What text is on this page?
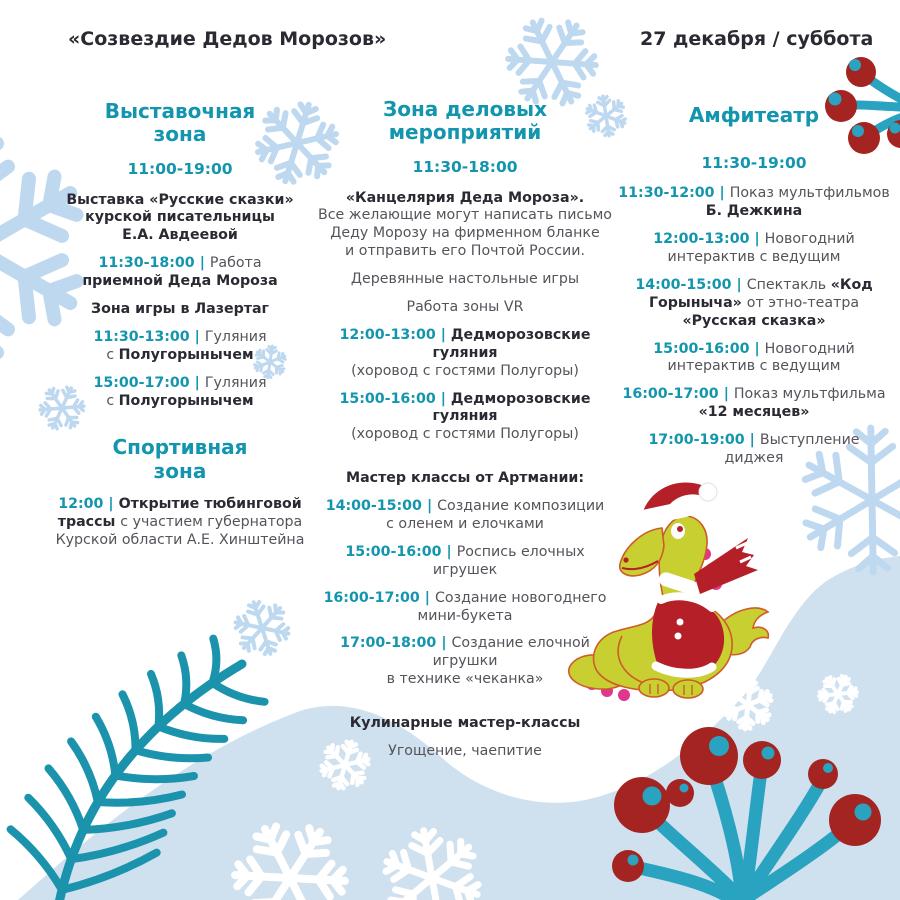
«Созвездие Дедов Морозов»	27 декабря / суббота
Выставочная
зона
11:00-19:00
Выставка «Русские сказки»
курской писательницы
Е.А. Авдеевой
11:30-18:00 | Работа
приемной Деда Мороза
Зона игры в Лазертаг
11:30-13:00 | Гуляния
с Полугорынычем
15:00-17:00 | Гуляния
с Полугорынычем
Спортивная
зона
12:00 | Открытие тюбинговой
трассы с участием губернатора
Курской области А.Е. Хинштейна
Зона деловых
мероприятий
11:30-18:00
«Канцелярия Деда Мороза».
Все желающие могут написать письмо
Деду Морозу на фирменном бланке
и отправить его Почтой России.
Деревянные настольные игры
Работа зоны VR
12:00-13:00 | Дедморозовские гуляния
(хоровод с гостями Полугоры)
15:00-16:00 | Дедморозовские гуляния
(хоровод с гостями Полугоры)
Мастер классы от Артмании:
14:00-15:00 | Создание композиции
с оленем и елочками
15:00-16:00 | Роспись елочных игрушек
16:00-17:00 | Создание новогоднего
мини-букета
17:00-18:00 | Создание елочной игрушки
в технике «чеканка»
Кулинарные мастер-классы
Угощение, чаепитие
Амфитеатр
11:30-19:00
11:30-12:00 | Показ мультфильмов
Б. Дежкина
12:00-13:00 | Новогодний
интерактив с ведущим
14:00-15:00 | Спектакль «Код
Горыныча» от этно-театра
«Русская сказка»
15:00-16:00 | Новогодний
интерактив с ведущим
16:00-17:00 | Показ мультфильма
«12 месяцев»
17:00-19:00 | Выступление
диджея
